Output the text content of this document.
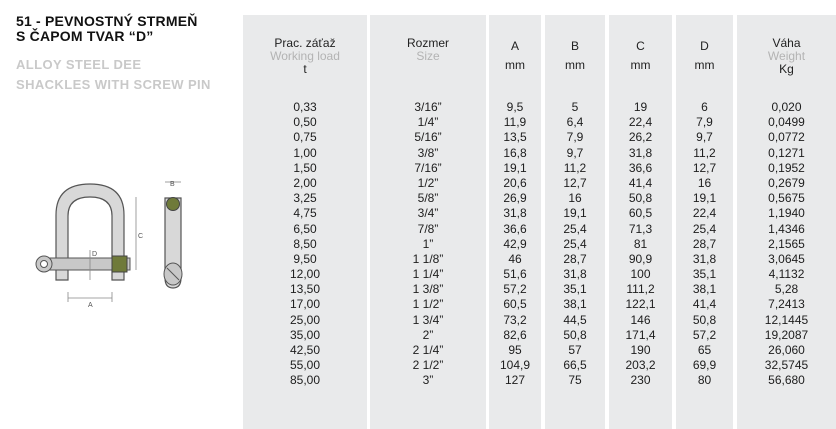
51 - PEVNOSTNÝ STRMEŇ
S ČAPOM TVAR “D”
ALLOY STEEL DEE
SHACKLES WITH SCREW PIN
A
C
D
B
Prac. záťaž
Working load
t
0,33
0,50
0,75
1,00
1,50
2,00
3,25
4,75
6,50
8,50
9,50
12,00
13,50
17,00
25,00
35,00
42,50
55,00
85,00
Rozmer
Size
3/16”
1/4”
5/16”
3/8”
7/16”
1/2”
5/8”
3/4”
7/8”
1”
1 1/8”
1 1/4”
1 3/8”
1 1/2”
1 3/4”
2”
2 1/4”
2 1/2”
3”
A
mm
9,5
11,9
13,5
16,8
19,1
20,6
26,9
31,8
36,6
42,9
46
51,6
57,2
60,5
73,2
82,6
95
104,9
127
B
mm
5
6,4
7,9
9,7
11,2
12,7
16
19,1
25,4
25,4
28,7
31,8
35,1
38,1
44,5
50,8
57
66,5
75
C
mm
19
22,4
26,2
31,8
36,6
41,4
50,8
60,5
71,3
81
90,9
100
111,2
122,1
146
171,4
190
203,2
230
D
mm
6
7,9
9,7
11,2
12,7
16
19,1
22,4
25,4
28,7
31,8
35,1
38,1
41,4
50,8
57,2
65
69,9
80
Váha
Weight
Kg
0,020
0,0499
0,0772
0,1271
0,1952
0,2679
0,5675
1,1940
1,4346
2,1565
3,0645
4,1132
5,28
7,2413
12,1445
19,2087
26,060
32,5745
56,680
